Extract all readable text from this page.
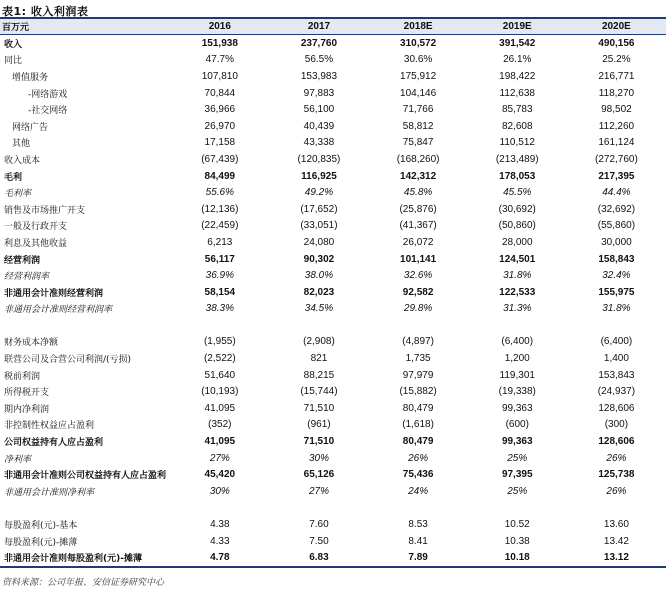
表1: 收入利润表
百万元	2016	2017	2018E	2019E	2020E
收入	151,938	237,760	310,572	391,542	490,156
同比	47.7%	56.5%	30.6%	26.1%	25.2%
增值服务	107,810	153,983	175,912	198,422	216,771
-网络游戏	70,844	97,883	104,146	112,638	118,270
-社交网络	36,966	56,100	71,766	85,783	98,502
网络广告	26,970	40,439	58,812	82,608	112,260
其他	17,158	43,338	75,847	110,512	161,124
收入成本	(67,439)	(120,835)	(168,260)	(213,489)	(272,760)
毛利	84,499	116,925	142,312	178,053	217,395
毛利率	55.6%	49.2%	45.8%	45.5%	44.4%
销售及市场推广开支	(12,136)	(17,652)	(25,876)	(30,692)	(32,692)
一般及行政开支	(22,459)	(33,051)	(41,367)	(50,860)	(55,860)
利息及其他收益	6,213	24,080	26,072	28,000	30,000
经营利润	56,117	90,302	101,141	124,501	158,843
经营利润率	36.9%	38.0%	32.6%	31.8%	32.4%
非通用会计准则经营利润	58,154	82,023	92,582	122,533	155,975
非通用会计准则经营利润率	38.3%	34.5%	29.8%	31.3%	31.8%

财务成本净额	(1,955)	(2,908)	(4,897)	(6,400)	(6,400)
联营公司及合营公司利润/(亏损)	(2,522)	821	1,735	1,200	1,400
税前利润	51,640	88,215	97,979	119,301	153,843
所得税开支	(10,193)	(15,744)	(15,882)	(19,338)	(24,937)
期内净利润	41,095	71,510	80,479	99,363	128,606
非控制性权益应占盈利	(352)	(961)	(1,618)	(600)	(300)
公司权益持有人应占盈利	41,095	71,510	80,479	99,363	128,606
净利率	27%	30%	26%	25%	26%
非通用会计准则公司权益持有人应占盈利	45,420	65,126	75,436	97,395	125,738
非通用会计准则净利率	30%	27%	24%	25%	26%

每股盈利(元)-基本	4.38	7.60	8.53	10.52	13.60
每股盈利(元)-摊薄	4.33	7.50	8.41	10.38	13.42
非通用会计准则每股盈利(元)-摊薄	4.78	6.83	7.89	10.18	13.12
资料来源：公司年报、安信证券研究中心
